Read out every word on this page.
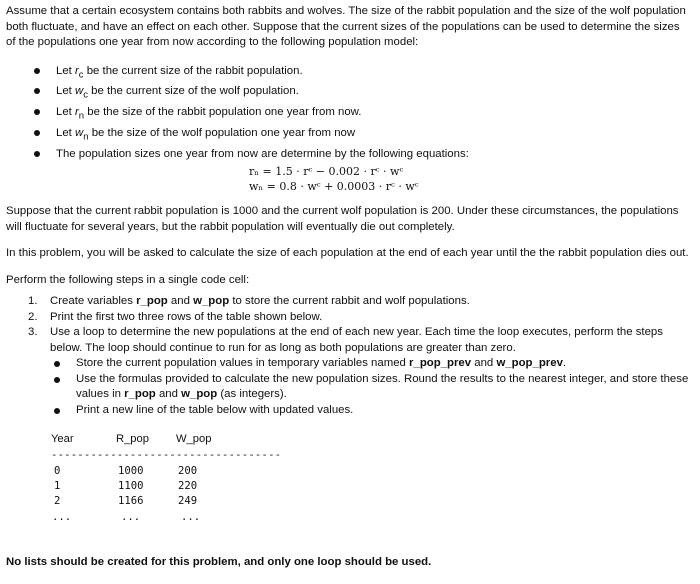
Assume that a certain ecosystem contains both rabbits and wolves. The size of the rabbit population and the size of the wolf population both fluctuate, and have an effect on each other. Suppose that the current sizes of the populations can be used to determine the sizes of the populations one year from now according to the following population model:

Let $r_c$ be the current size of the rabbit population.
Let $w_c$ be the current size of the wolf population.
Let $r_n$ be the size of the rabbit population one year from now.
Let $w_n$ be the size of the wolf population one year from now
The population sizes one year from now are determine by the following equations:
rₙ = 1.5 · rᶜ − 0.002 · rᶜ · wᶜ
wₙ = 0.8 · wᶜ + 0.0003 · rᶜ · wᶜ

Suppose that the current rabbit population is 1000 and the current wolf population is 200. Under these circumstances, the populations will fluctuate for several years, but the rabbit population will eventually die out completely.

In this problem, you will be asked to calculate the size of each population at the end of each year until the the rabbit population dies out.

Perform the following steps in a single code cell:

1. Create variables r_pop and w_pop to store the current rabbit and wolf populations.
2. Print the first two three rows of the table shown below.
3. Use a loop to determine the new populations at the end of each new year. Each time the loop executes, perform the steps below. The loop should continue to run for as long as both populations are greater than zero.
Store the current population values in temporary variables named r_pop_prev and w_pop_prev.
Use the formulas provided to calculate the new population sizes. Round the results to the nearest integer, and store these values in r_pop and w_pop (as integers).
Print a new line of the table below with updated values.
Year	R_pop W_pop
-----------------------------------
0	1000	200
1	1100	220
2	1166	249
...	...	...
No lists should be created for this problem, and only one loop should be used.
